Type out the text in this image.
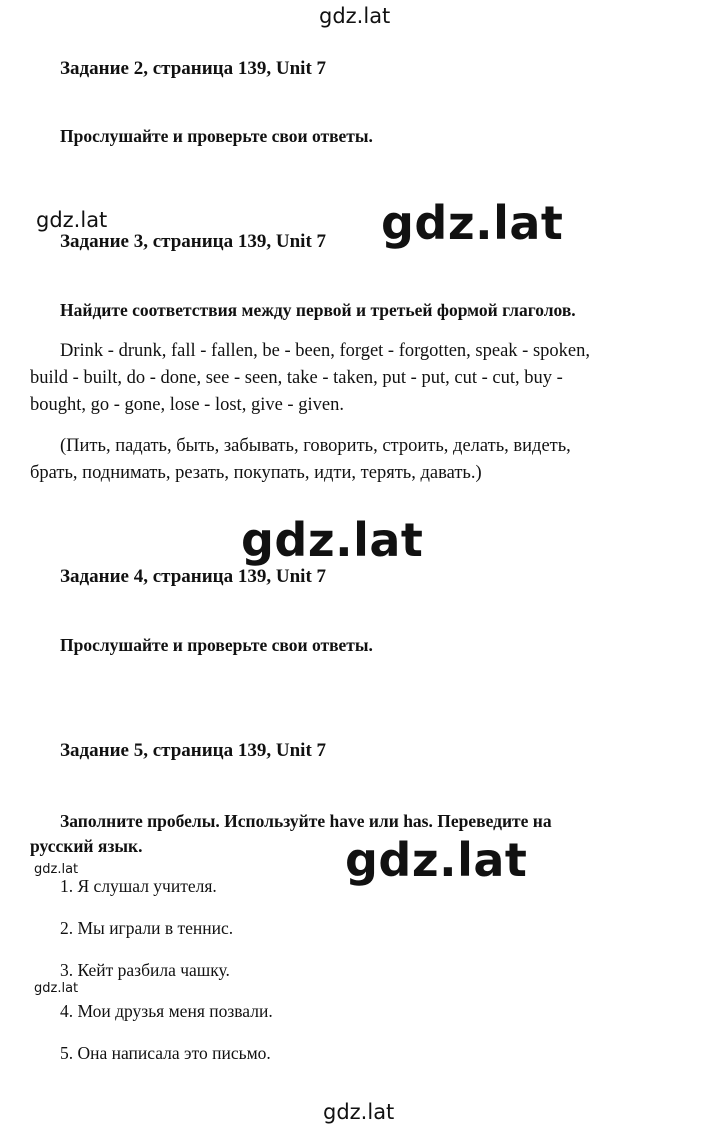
gdz.lat
gdz.lat	gdz.lat
gdz.lat
gdz.lat
gdz.lat
gdz.lat
gdz.lat
Задание 2, страница 139, Unit 7
Прослушайте и проверьте свои ответы.
Задание 3, страница 139, Unit 7
Найдите соответствия между первой и третьей формой глаголов.
Drink - drunk, fall - fallen, be - been, forget - forgotten, speak - spoken,
build - built, do - done, see - seen, take - taken, put - put, cut - cut, buy -
bought, go - gone, lose - lost, give - given.
(Пить, падать, быть, забывать, говорить, строить, делать, видеть,
брать, поднимать, резать, покупать, идти, терять, давать.)
Задание 4, страница 139, Unit 7
Прослушайте и проверьте свои ответы.
Задание 5, страница 139, Unit 7
Заполните пробелы. Используйте have или has. Переведите на
русский язык.
1. Я слушал учителя.
2. Мы играли в теннис.
3. Кейт разбила чашку.
4. Мои друзья меня позвали.
5. Она написала это письмо.
